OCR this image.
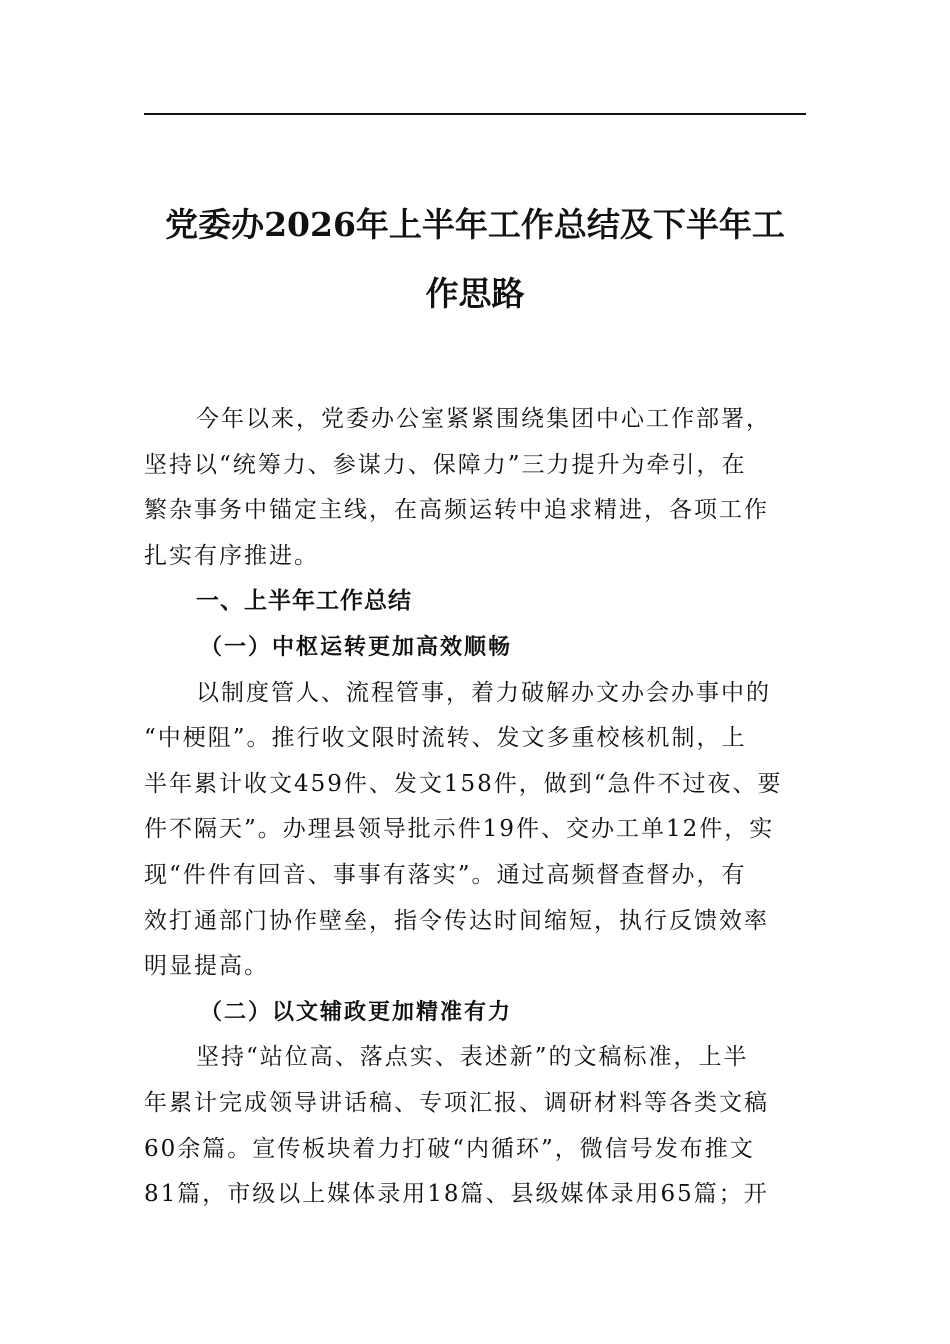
党委办2026年上半年工作总结及下半年工
作思路

今年以来，党委办公室紧紧围绕集团中心工作部署，
坚持以“统筹力、参谋力、保障力”三力提升为牵引，在
繁杂事务中锚定主线，在高频运转中追求精进，各项工作
扎实有序推进。

一、上半年工作总结
（一）中枢运转更加高效顺畅

以制度管人、流程管事，着力破解办文办会办事中的
“中梗阻”。推行收文限时流转、发文多重校核机制，上
半年累计收文459件、发文158件，做到“急件不过夜、要
件不隔天”。办理县领导批示件19件、交办工单12件，实
现“件件有回音、事事有落实”。通过高频督查督办，有
效打通部门协作壁垒，指令传达时间缩短，执行反馈效率
明显提高。

（二）以文辅政更加精准有力

坚持“站位高、落点实、表述新”的文稿标准，上半
年累计完成领导讲话稿、专项汇报、调研材料等各类文稿
60余篇。宣传板块着力打破“内循环”，微信号发布推文
81篇，市级以上媒体录用18篇、县级媒体录用65篇；开
